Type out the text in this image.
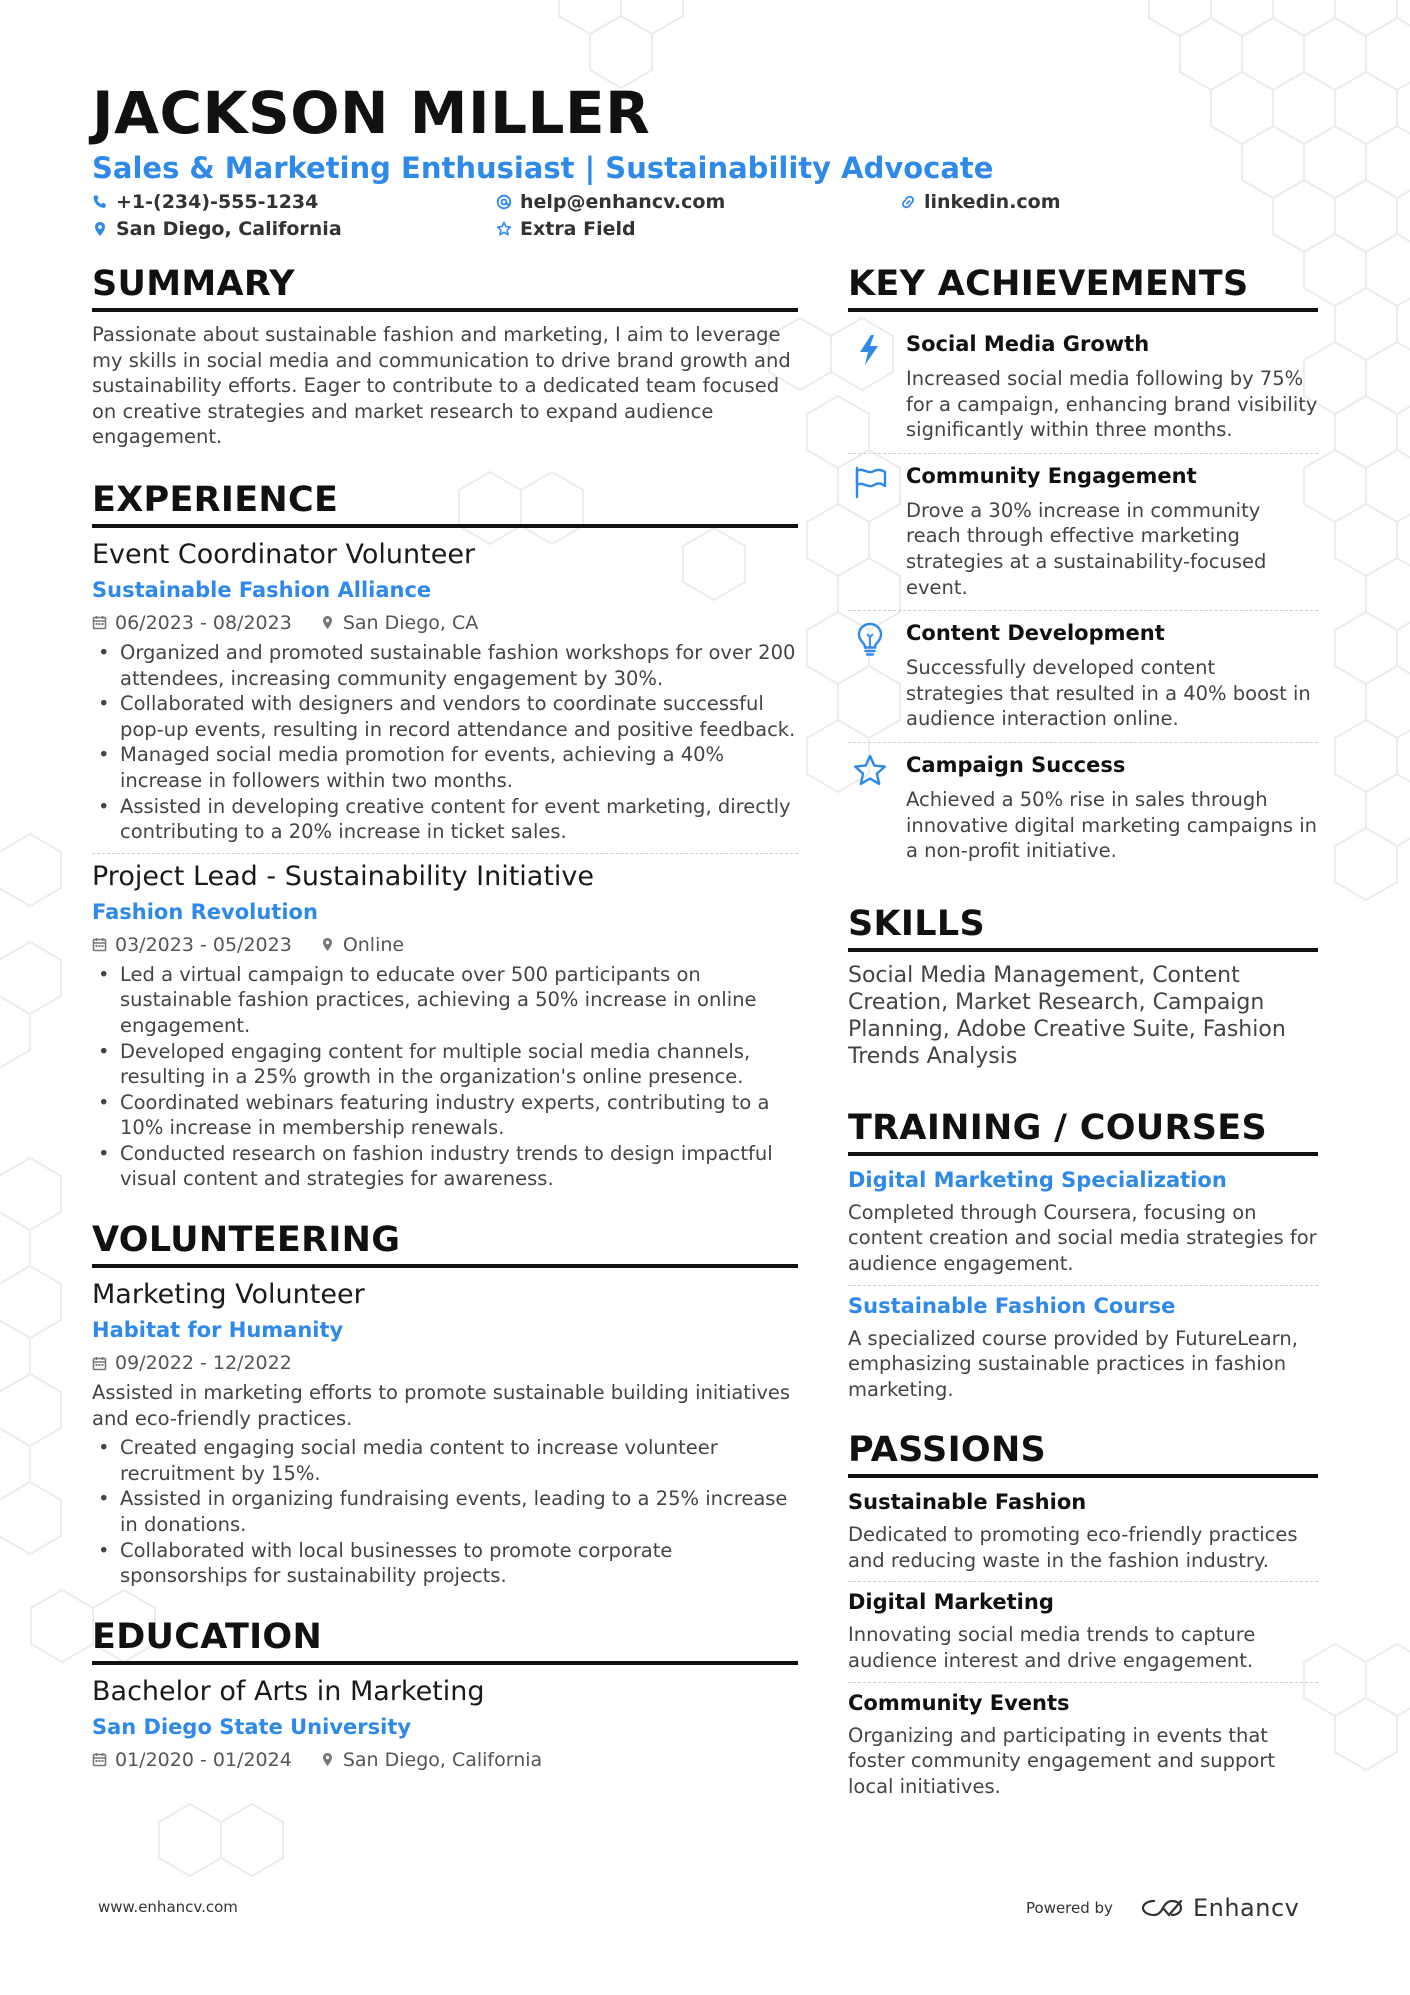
JACKSON MILLER
Sales & Marketing Enthusiast | Sustainability Advocate
+1-(234)-555-1234	help@enhancv.com	linkedin.com
San Diego, California	Extra Field
SUMMARY

Passionate about sustainable fashion and marketing, I aim to leverage my skills in social media and communication to drive brand growth and sustainability efforts. Eager to contribute to a dedicated team focused on creative strategies and market research to expand audience engagement.

EXPERIENCE
Event Coordinator Volunteer
Sustainable Fashion Alliance
06/2023 - 08/2023	San Diego, CA
• Organized and promoted sustainable fashion workshops for over 200 attendees, increasing community engagement by 30%.
• Collaborated with designers and vendors to coordinate successful pop-up events, resulting in record attendance and positive feedback.
• Managed social media promotion for events, achieving a 40% increase in followers within two months.
• Assisted in developing creative content for event marketing, directly contributing to a 20% increase in ticket sales.
Project Lead - Sustainability Initiative
Fashion Revolution
03/2023 - 05/2023	Online
• Led a virtual campaign to educate over 500 participants on sustainable fashion practices, achieving a 50% increase in online engagement.
• Developed engaging content for multiple social media channels, resulting in a 25% growth in the organization's online presence.
• Coordinated webinars featuring industry experts, contributing to a 10% increase in membership renewals.
• Conducted research on fashion industry trends to design impactful visual content and strategies for awareness.
VOLUNTEERING
Marketing Volunteer
Habitat for Humanity
09/2022 - 12/2022

Assisted in marketing efforts to promote sustainable building initiatives and eco-friendly practices.

• Created engaging social media content to increase volunteer recruitment by 15%.
• Assisted in organizing fundraising events, leading to a 25% increase in donations.
• Collaborated with local businesses to promote corporate sponsorships for sustainability projects.
EDUCATION
Bachelor of Arts in Marketing
San Diego State University
01/2020 - 01/2024	San Diego, California
KEY ACHIEVEMENTS
Social Media Growth
Increased social media following by 75% for a campaign, enhancing brand visibility significantly within three months.
Community Engagement
Drove a 30% increase in community reach through effective marketing strategies at a sustainability-focused event.
Content Development
Successfully developed content strategies that resulted in a 40% boost in audience interaction online.
Campaign Success
Achieved a 50% rise in sales through innovative digital marketing campaigns in a non-profit initiative.
SKILLS

Social Media Management, Content Creation, Market Research, Campaign Planning, Adobe Creative Suite, Fashion Trends Analysis

TRAINING / COURSES
Digital Marketing Specialization

Completed through Coursera, focusing on content creation and social media strategies for audience engagement.

Sustainable Fashion Course

A specialized course provided by FutureLearn, emphasizing sustainable practices in fashion marketing.

PASSIONS
Sustainable Fashion

Dedicated to promoting eco-friendly practices and reducing waste in the fashion industry.

Digital Marketing

Innovating social media trends to capture audience interest and drive engagement.

Community Events

Organizing and participating in events that foster community engagement and support local initiatives.

www.enhancv.com	Powered by	Enhancv
